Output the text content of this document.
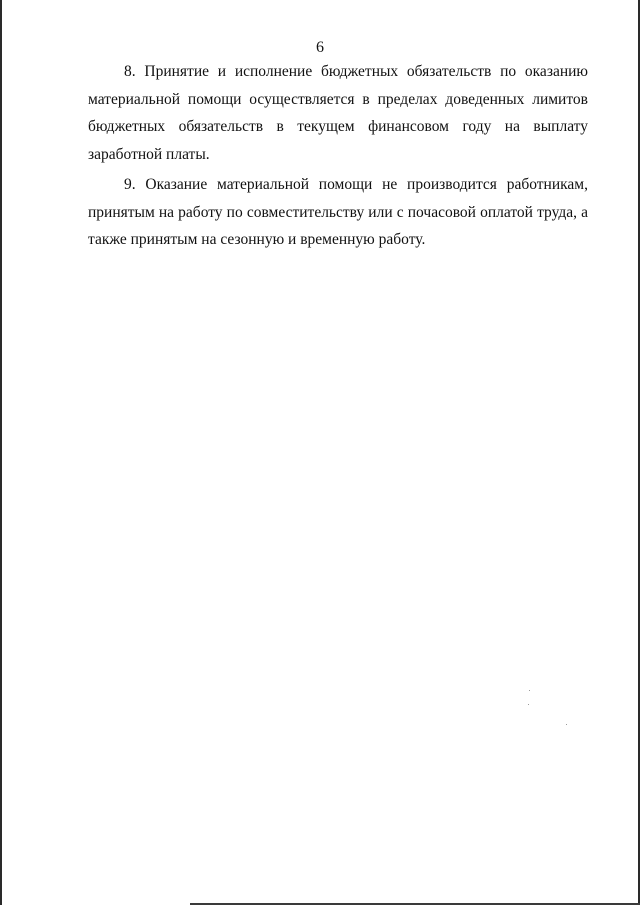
6

8. Принятие и исполнение бюджетных обязательств по оказанию материальной помощи осуществляется в пределах доведенных лимитов бюджетных обязательств в текущем финансовом году на выплату заработной платы.

9. Оказание материальной помощи не производится работникам, принятым на работу по совместительству или с почасовой оплатой труда, а также принятым на сезонную и временную работу.
